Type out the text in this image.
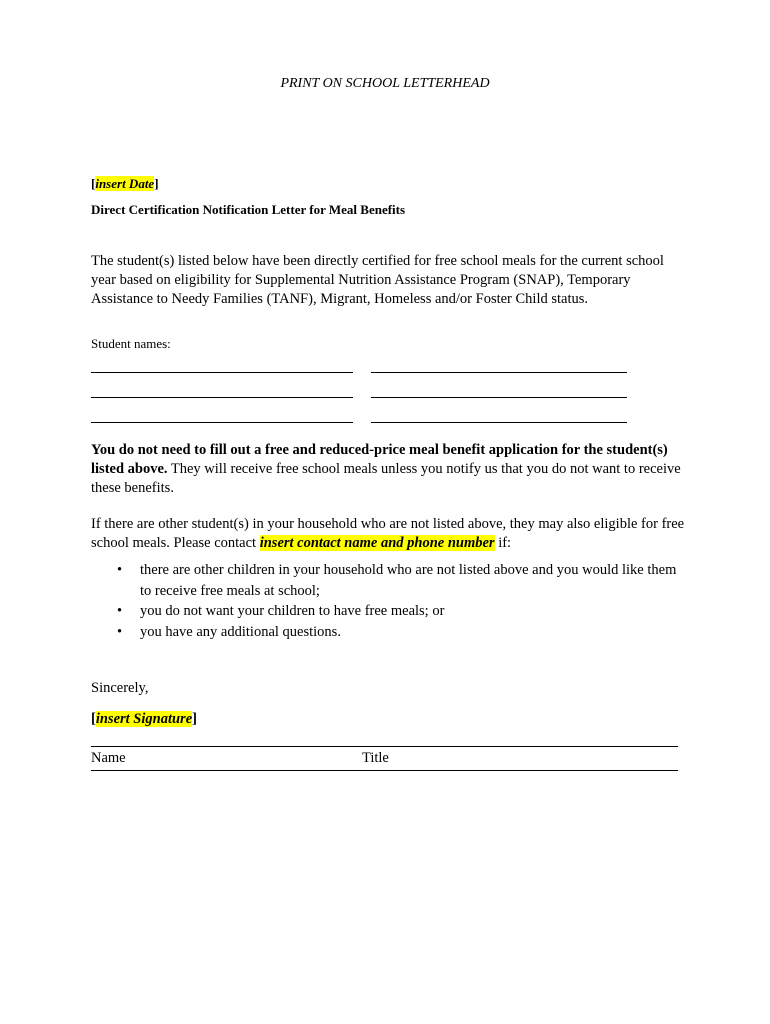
PRINT ON SCHOOL LETTERHEAD
[insert Date]
Direct Certification Notification Letter for Meal Benefits
The student(s) listed below have been directly certified for free school meals for the current school year based on eligibility for Supplemental Nutrition Assistance Program (SNAP), Temporary Assistance to Needy Families (TANF), Migrant, Homeless and/or Foster Child status.
Student names:
You do not need to fill out a free and reduced-price meal benefit application for the student(s) listed above. They will receive free school meals unless you notify us that you do not want to receive these benefits.
If there are other student(s) in your household who are not listed above, they may also eligible for free school meals. Please contact insert contact name and phone number if:
• there are other children in your household who are not listed above and you would like them to receive free meals at school;
• you do not want your children to have free meals; or
• you have any additional questions.
Sincerely,
[insert Signature]
Name	Title
